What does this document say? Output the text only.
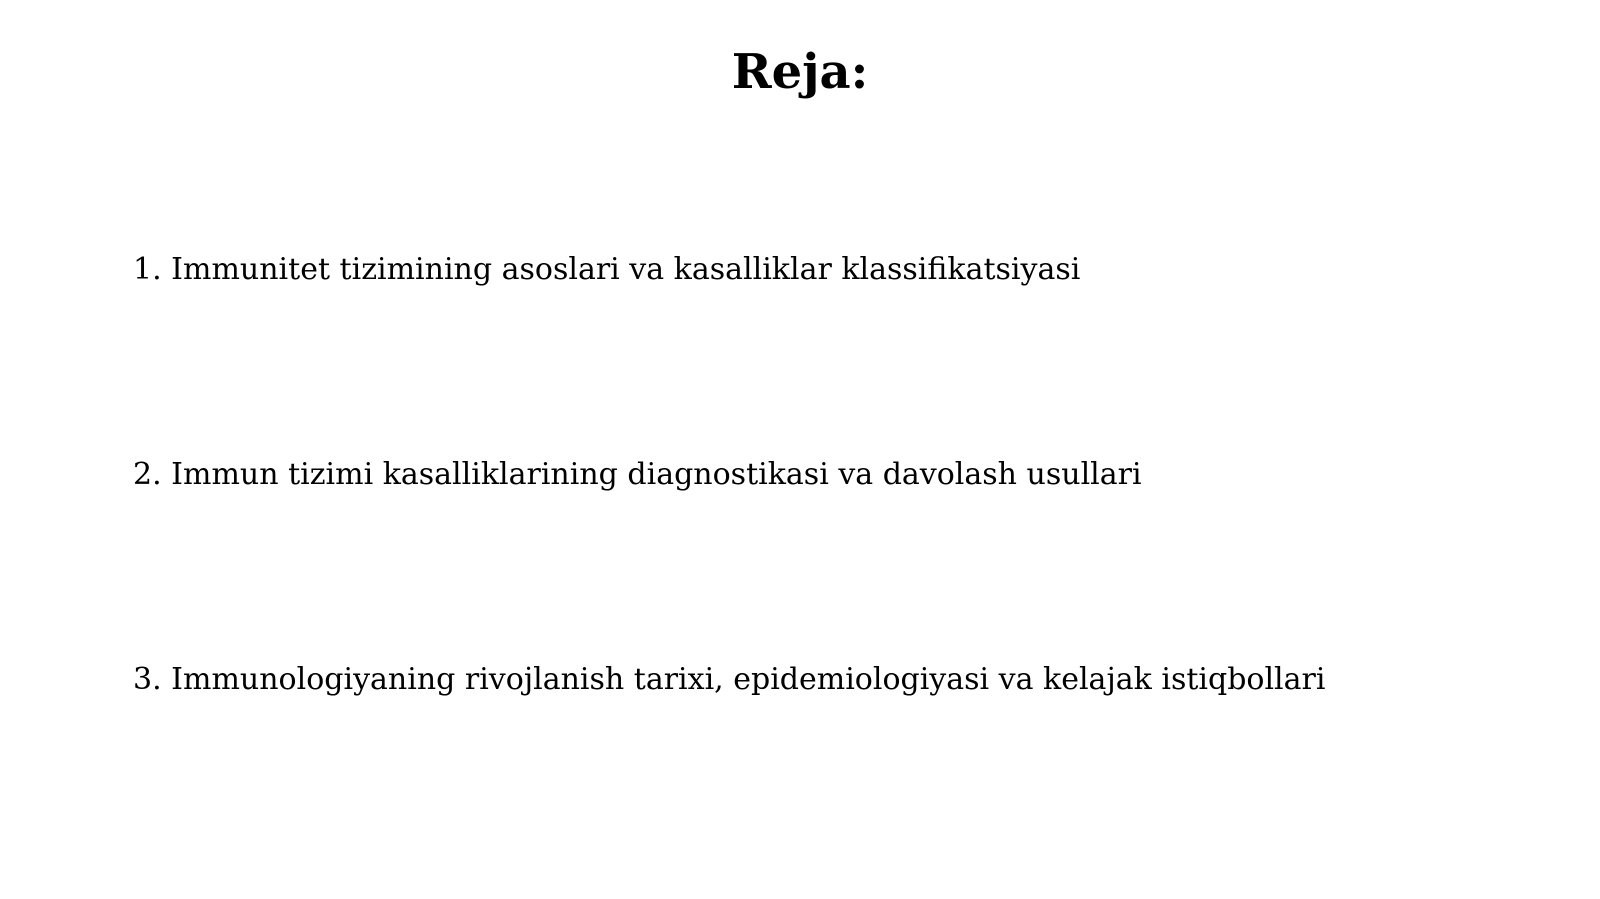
Reja:
1. Immunitet tizimining asoslari va kasalliklar klassifikatsiyasi
2. Immun tizimi kasalliklarining diagnostikasi va davolash usullari
3. Immunologiyaning rivojlanish tarixi, epidemiologiyasi va kelajak istiqbollari
